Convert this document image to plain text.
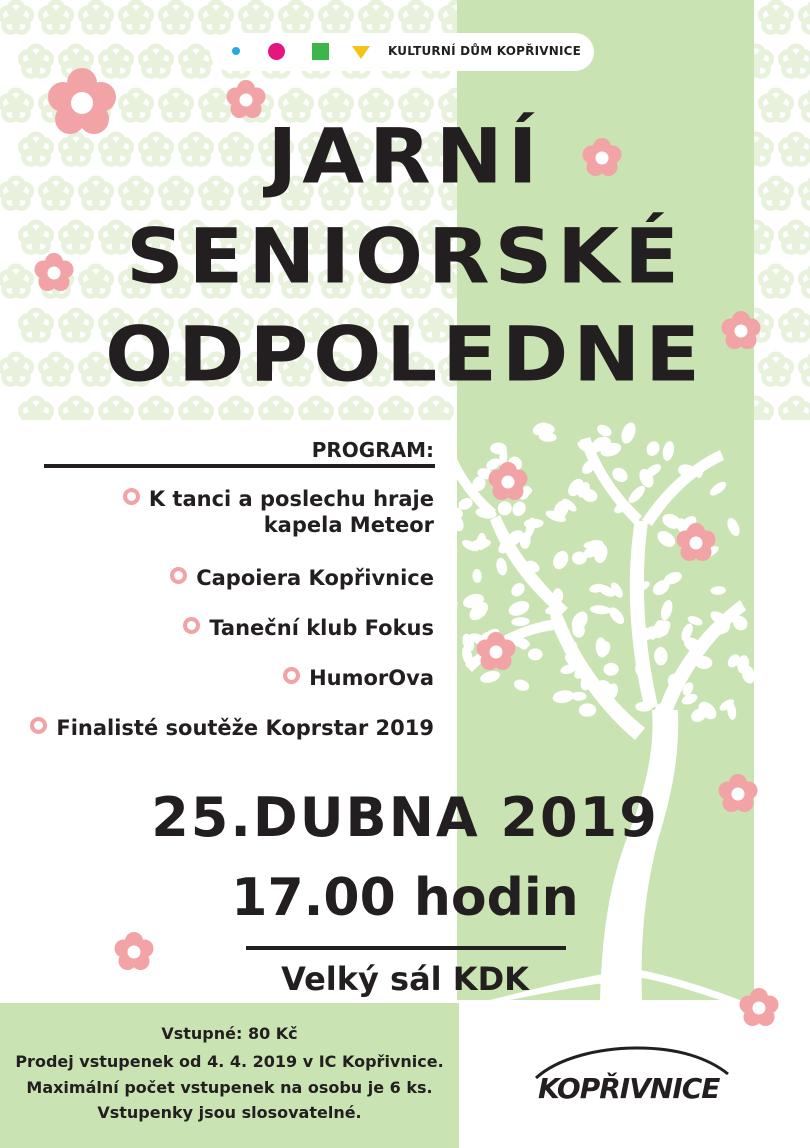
KULTURNÍ DŮM KOPŘIVNICE
JARNÍ
SENIORSKÉ
ODPOLEDNE
PROGRAM:
K tanci a poslechu hraje
kapela Meteor
Capoiera Kopřivnice
Taneční klub Fokus
HumorOva
Finalisté soutěže Koprstar 2019
25.DUBNA 2019
17.00 hodin
Velký sál KDK
Vstupné: 80 Kč
Prodej vstupenek od 4. 4. 2019 v IC Kopřivnice.
Maximální počet vstupenek na osobu je 6 ks.
Vstupenky jsou slosovatelné.
KOPŘIVNICE
